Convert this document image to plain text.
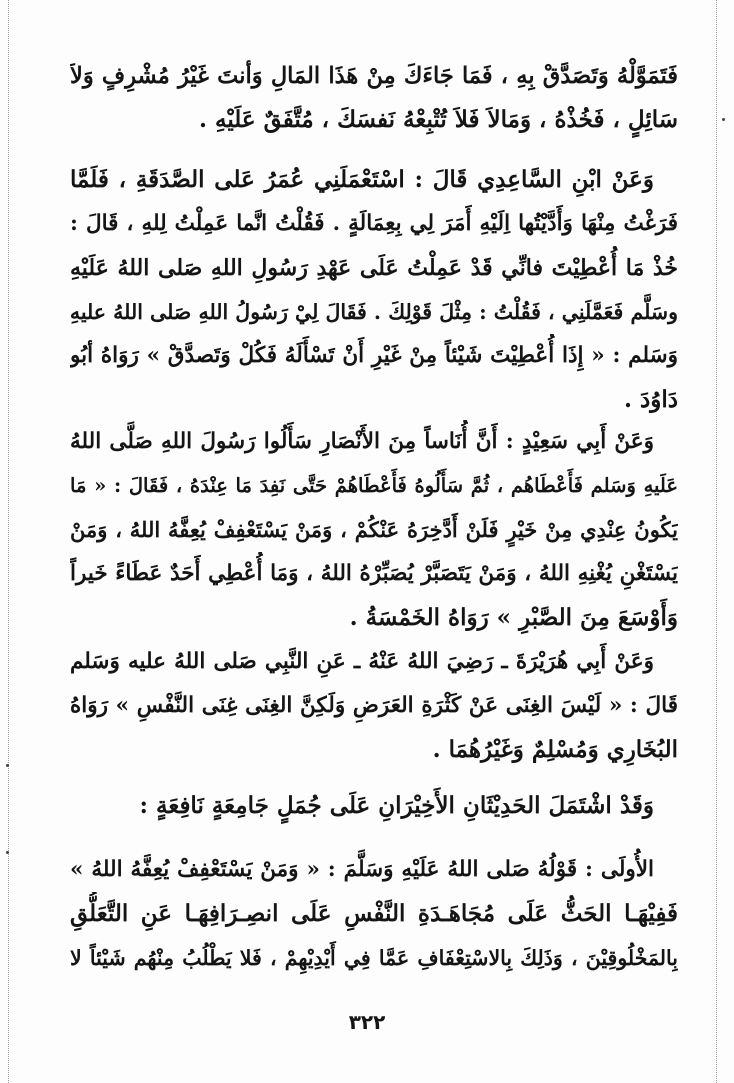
فَتَمَوَّلْهُ وَتَصَدَّقْ بِهِ ، فَمَا جَاءَكَ مِنْ هَذَا المَالِ وَأنتَ غَيْرُ مُشْرِفٍ وَلاَ
سَائِلٍ ، فَخُذْهُ ، وَمَالاَ فَلاَ تُتْبِعْهُ نَفسَكَ ، مُتَّفَقٌ عَلَيْهِ .
وَعَنْ ابْنِ السَّاعِدِي قَالَ : اسْتَعْمَلَنِي عُمَرُ عَلى الصَّدَقَةِ ، فَلَمَّا
فَرَغْتُ مِنْهَا وَأَدَّيْتُها اِلَيْهِ أَمَرَ لِي بِعِمَالَةٍ . فَقُلْتُ انَّما عَمِلْتُ لِلهِ ، قَالَ :
خُذْ مَا أُعْطِيْتَ فانِّي قَدْ عَمِلْتُ عَلَى عَهْدِ رَسُولِ اللهِ صَلى اللهُ عَلَيْهِ
وسَلَّم فَعَمَّلَنِي ، فَقُلْتُ : مِثْلَ قَوْلِكَ . فَقَالَ لِيْ رَسُولُ اللهِ صَلى اللهُ عليهِ
وَسَلم : « إِذَا أُعْطِيْتَ شَيْئاً مِنْ غَيْرِ أَنْ تَسْأَلَهُ فَكُلْ وَتَصدَّقْ » رَوَاهُ أبُو
دَاوُدَ .
وَعَنْ أَبِي سَعِيْدٍ : أَنَّ أُنَاساً مِنَ الأَنْصَارِ سَأَلُوا رَسُولَ اللهِ صَلَّى اللهُ
عَلَيهِ وَسَلم فَأَعْطَاهُم ، ثُمَّ سَأَلُوهُ فَأَعْطَاهُمْ حَتَّى نَفِدَ مَا عِنْدَهُ ، فَقَالَ : « مَا
يَكُونُ عِنْدِي مِنْ خَيْرٍ فَلَنْ أَدَّخِرَهُ عَنْكُمْ ، وَمَنْ يَسْتَعْفِفْ يُعِفَّهُ اللهُ ، وَمَنْ
يَسْتَغْنِ يُغْنِهِ اللهُ ، وَمَنْ يَتَصَبَّرْ يُصَبِّرْهُ اللهُ ، وَمَا أُعْطِي أَحَدٌ عَطَاءً خَيراً
وَأَوْسَعَ مِنَ الصَّبْرِ » رَوَاهُ الخَمْسَةُ .
وَعَنْ أَبِي هُرَيْرَةَ ـ رَضِيَ اللهُ عَنْهُ ـ عَنِ النَّبِي صَلى اللهُ عليه وَسَلم
قَالَ : « لَيْسَ الغِنَى عَنْ كَثْرَةِ العَرَضِ وَلَكِنَّ الغِنَى غِنَى النَّفْسِ » رَوَاهُ
البُخَارِي وَمُسْلِمٌ وَغَيْرُهُمَا .
وَقَدْ اشْتَمَلَ الحَدِيْثَانِ الأَخِيْرَانِ عَلَى جُمَلٍ جَامِعَةٍ نَافِعَةٍ :
الأُولَى : قَوْلُهُ صَلى اللهُ عَلَيْهِ وَسَلَّمَ : « وَمَنْ يَسْتَعْفِفْ يُعِفَّهُ اللهُ »
فَفِيْهَـا الحَثُّ عَلَى مُجَاهَـدَةِ النَّفْسِ عَلَى انصِـرَافِهَـا عَنِ التَّعَلُّقِ
بِالمَخْلُوقِيْنَ ، وَذَلِكَ بِالاسْتِعْفَافِ عَمَّا فِي أَيْدِيْهِمْ ، فَلا يَطْلُبُ مِنْهُم شَيْئاً لا
٣٢٢
